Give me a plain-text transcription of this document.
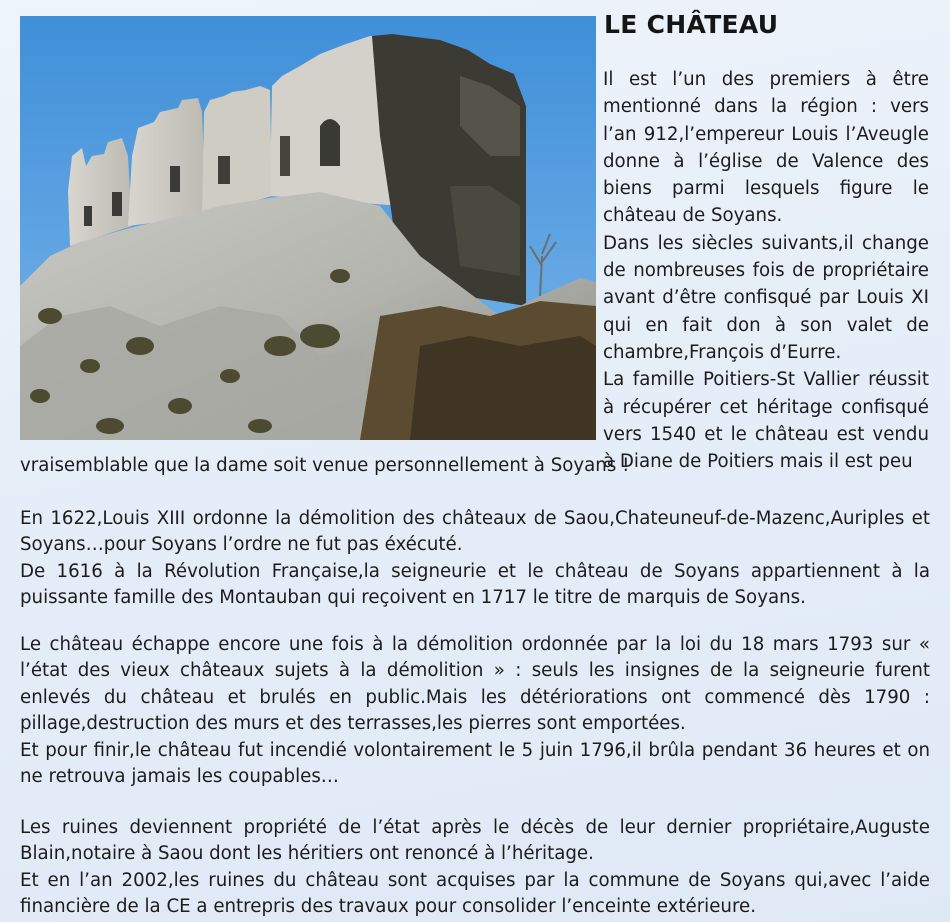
LE CHÂTEAU

Il est l’un des premiers à être mentionné dans la région : vers l’an 912,l’empereur Louis l’Aveugle donne à l’église de Valence des biens parmi lesquels figure le château de Soyans.

Dans les siècles suivants,il change de nombreuses fois de propriétaire avant d’être confisqué par Louis XI qui en fait don à son valet de chambre,François d’Eurre.

La famille Poitiers-St Vallier réussit à récupérer cet héritage confisqué vers 1540 et le château est vendu à Diane de Poitiers mais il est peu

vraisemblable que la dame soit venue personnellement à Soyans !

En 1622,Louis XIII ordonne la démolition des châteaux de Saou,Chateuneuf-de-Mazenc,Auriples et Soyans…pour Soyans l’ordre ne fut pas éxécuté.

De 1616 à la Révolution Française,la seigneurie et le château de Soyans appartiennent à la puissante famille des Montauban qui reçoivent en 1717 le titre de marquis de Soyans.

Le château échappe encore une fois à la démolition ordonnée par la loi du 18 mars 1793 sur « l’état des vieux châteaux sujets à la démolition » : seuls les insignes de la seigneurie furent enlevés du château et brulés en public.Mais les détériorations ont commencé dès 1790 : pillage,destruction des murs et des terrasses,les pierres sont emportées.

Et pour finir,le château fut incendié volontairement le 5 juin 1796,il brûla pendant 36 heures et on ne retrouva jamais les coupables…

Les ruines deviennent propriété de l’état après le décès de leur dernier propriétaire,Auguste Blain,notaire à Saou dont les héritiers ont renoncé à l’héritage.

Et en l’an 2002,les ruines du château sont acquises par la commune de Soyans qui,avec l’aide financière de la CE a entrepris des travaux pour consolider l’enceinte extérieure.
